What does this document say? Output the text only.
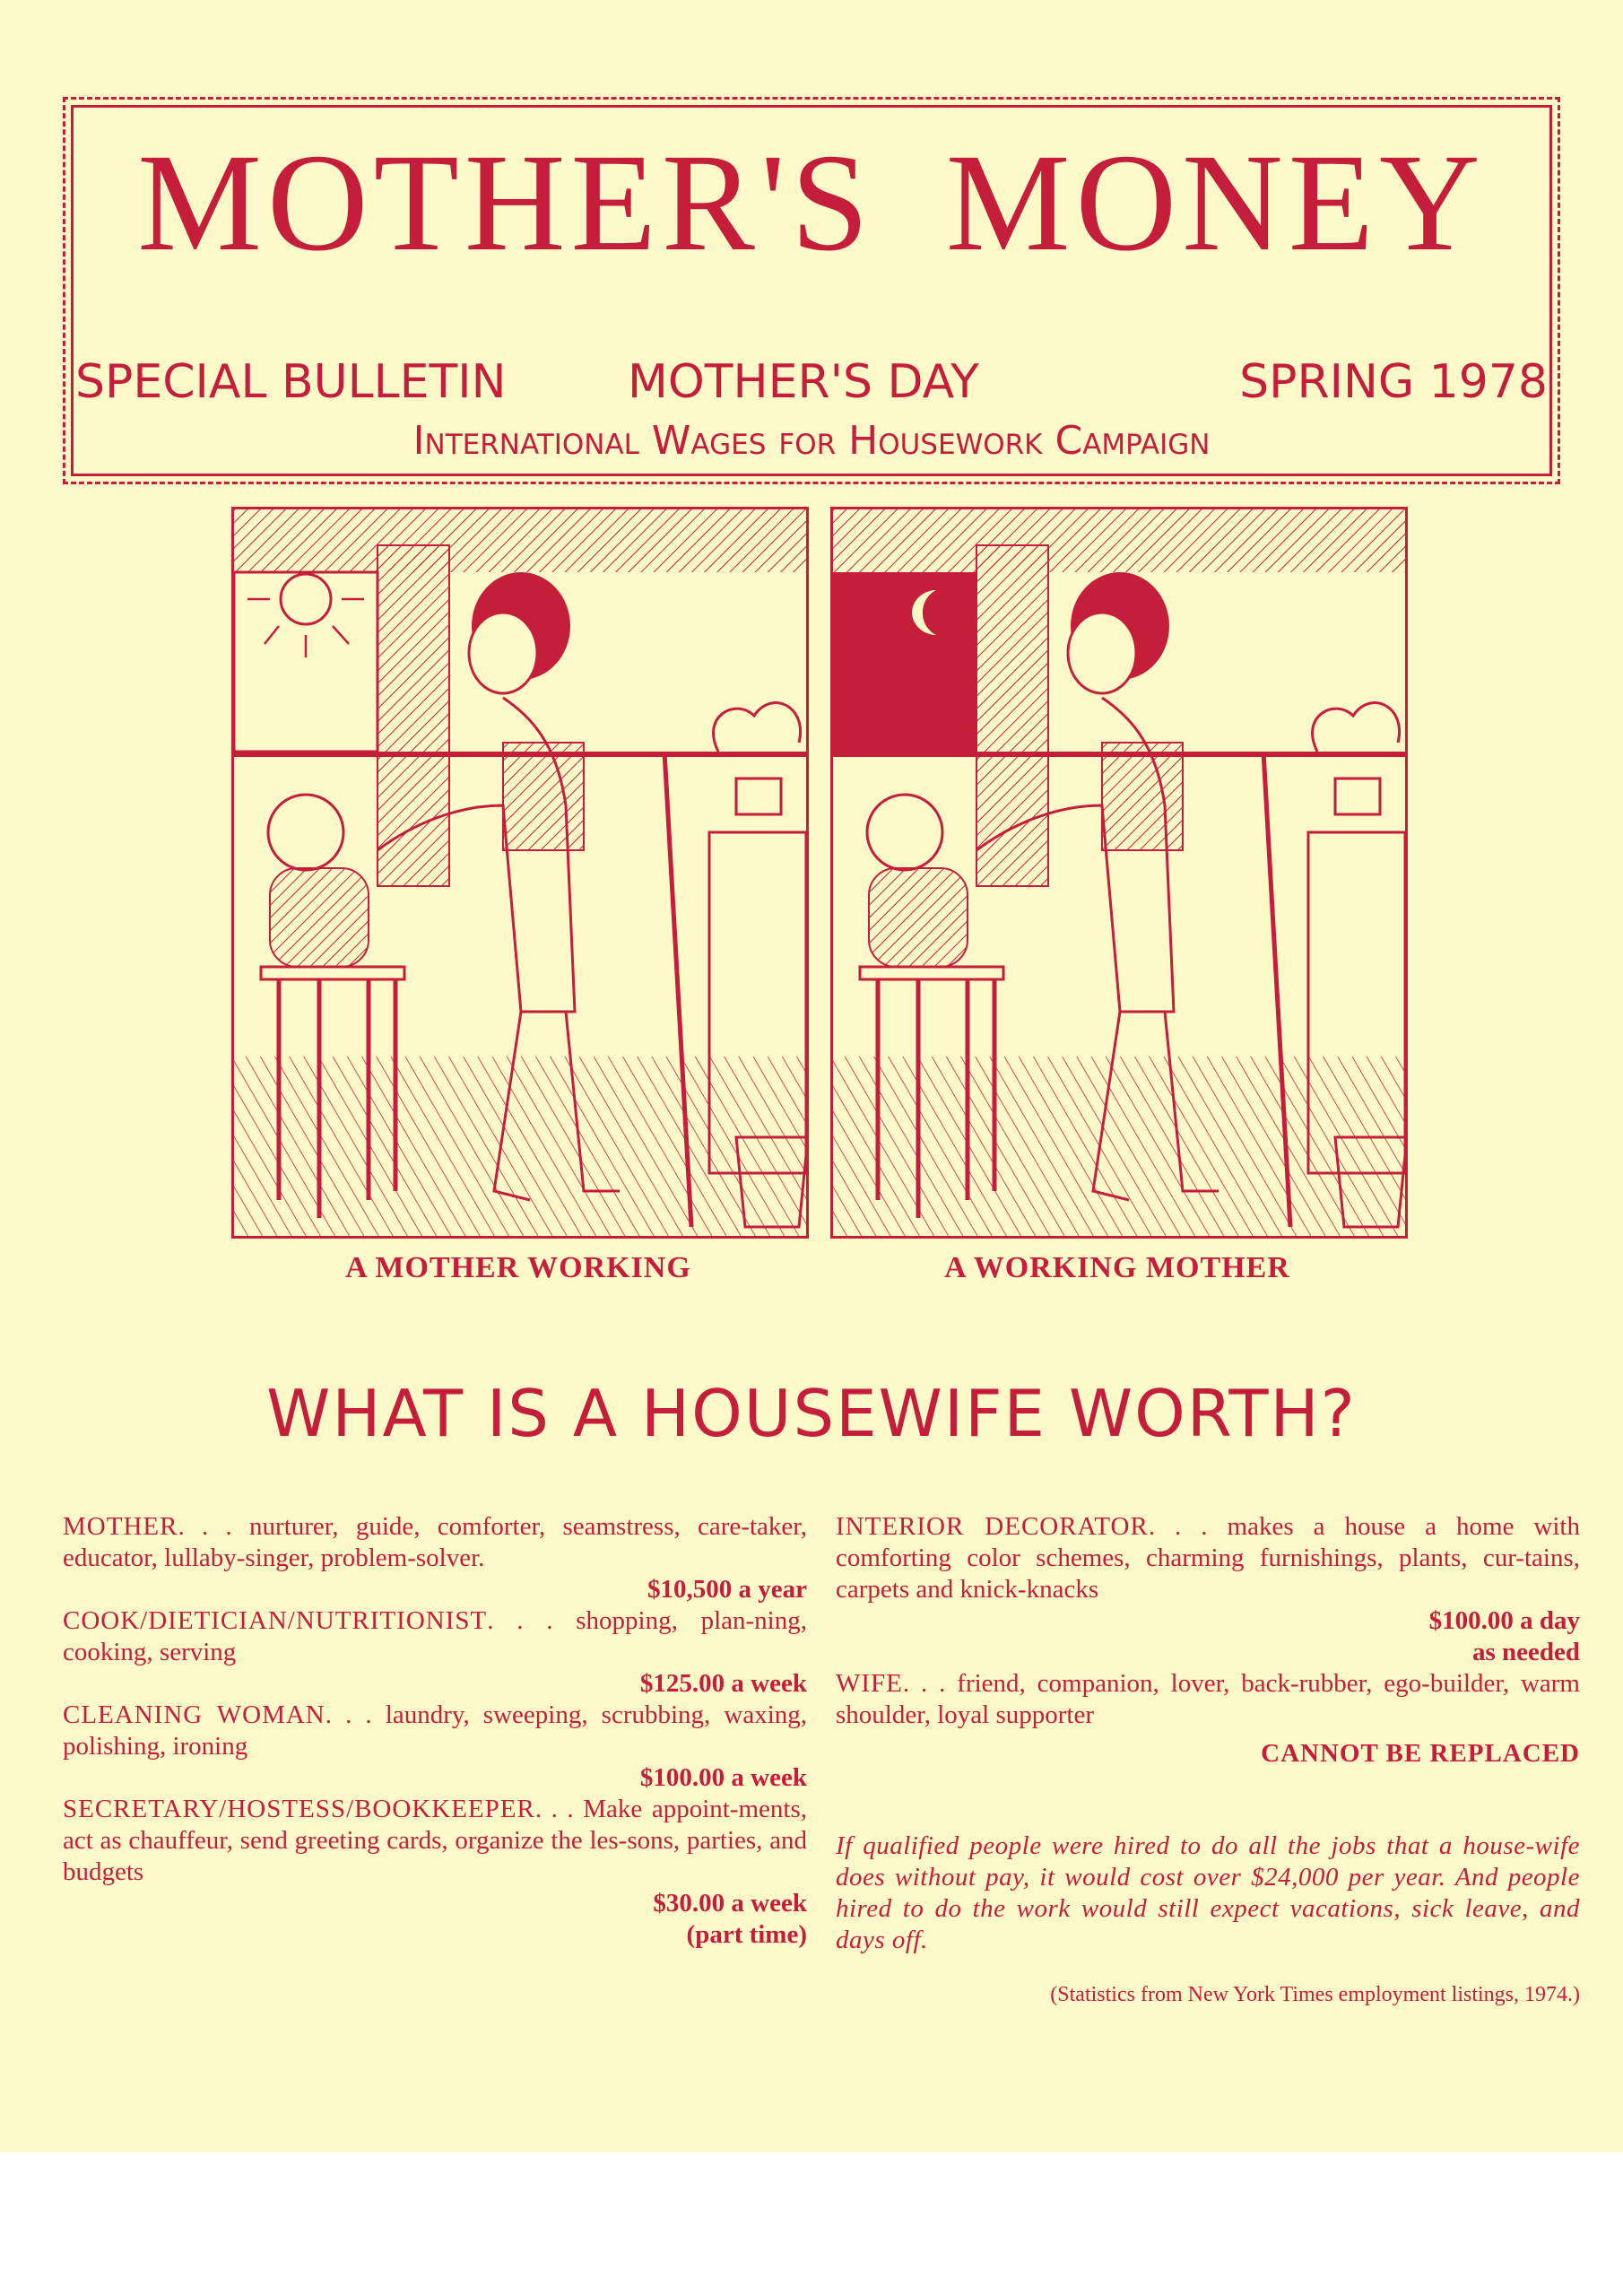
MOTHER'S MONEY
SPECIAL BULLETIN	MOTHER'S DAY	SPRING 1978
International Wages for Housework Campaign
A MOTHER WORKING	A WORKING MOTHER
WHAT IS A HOUSEWIFE WORTH?
MOTHER. . . nurturer, guide, comforter, seamstress, care-taker, educator, lullaby-singer, problem-solver.
$10,500 a year
COOK/DIETICIAN/NUTRITIONIST. . . shopping, plan-ning, cooking, serving
$125.00 a week
CLEANING WOMAN. . . laundry, sweeping, scrubbing, waxing, polishing, ironing
$100.00 a week
SECRETARY/HOSTESS/BOOKKEEPER. . . Make appoint-ments, act as chauffeur, send greeting cards, organize the les-sons, parties, and budgets
$30.00 a week
(part time)
INTERIOR DECORATOR. . . makes a house a home with comforting color schemes, charming furnishings, plants, cur-tains, carpets and knick-knacks
$100.00 a day
as needed
WIFE. . . friend, companion, lover, back-rubber, ego-builder, warm shoulder, loyal supporter
CANNOT BE REPLACED
If qualified people were hired to do all the jobs that a house-wife does without pay, it would cost over $24,000 per year. And people hired to do the work would still expect vacations, sick leave, and days off.
(Statistics from New York Times employment listings, 1974.)
